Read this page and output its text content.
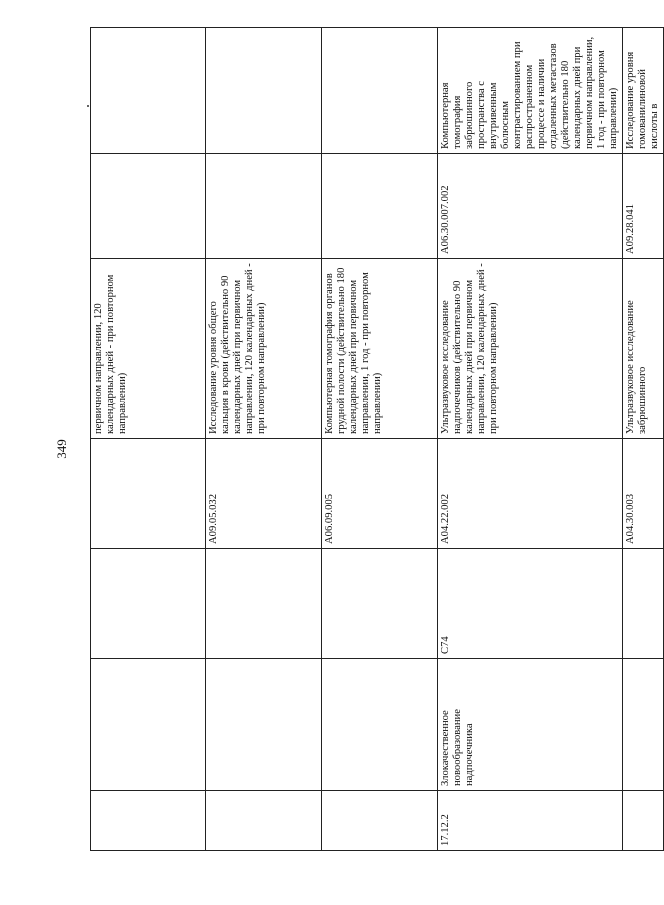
349
				первичном направлении, 120 календарных дней - при повторном направлении)		
			A09.05.032	Исследование уровня общего кальция в крови (действительно 90 календарных дней при первичном направлении, 120 календарных дней - при повторном направлении)		
			A06.09.005	Компьютерная томография органов грудной полости (действительно 180 календарных дней при первичном направлении, 1 год - при повторном направлении)		
17.12.2	Злокачественное новообразование надпочечника	C74	A04.22.002	Ультразвуковое исследование надпочечников (действительно 90 календарных дней при первичном направлении, 120 календарных дней - при повторном направлении)	A06.30.007.002	Компьютерная томография забрюшинного пространства с внутривенным болюсным контрастированием при распространенном процессе и наличии отдаленных метастазов (действительно 180 календарных дней при первичном направлении, 1 год - при повторном направлении)
			A04.30.003	Ультразвуковое исследование забрюшинного	A09.28.041	Исследование уровня гомованилиновой кислоты в
